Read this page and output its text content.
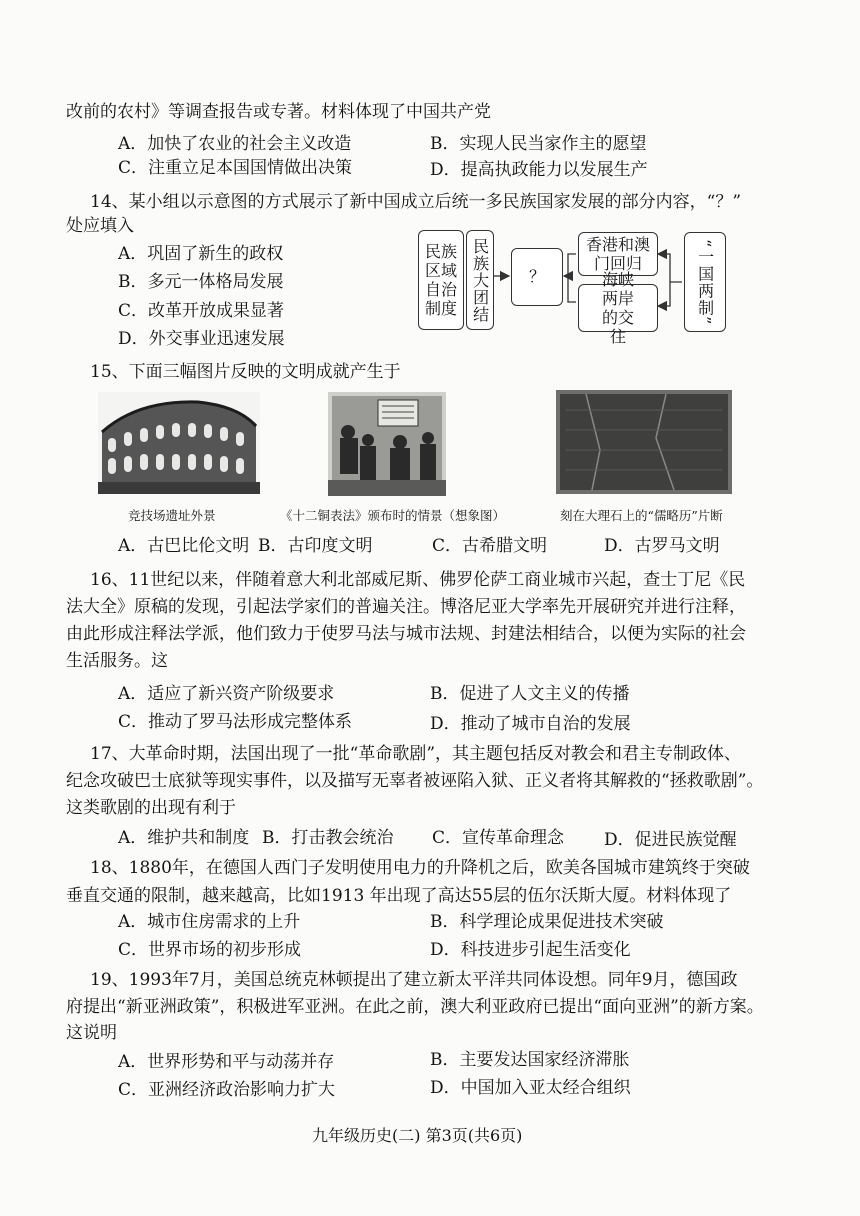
改前的农村》等调查报告或专著。材料体现了中国共产党
A．加快了农业的社会主义改造	B．实现人民当家作主的愿望
C．注重立足本国国情做出决策	D．提高执政能力以发展生产
14、某小组以示意图的方式展示了新中国成立后统一多民族国家发展的部分内容，“？”
处应填入
A．巩固了新生的政权
B．多元一体格局发展
C．改革开放成果显著
D．外交事业迅速发展
民族区域自治制度 民族大团结 ？
香港和澳门回归
海峡两岸的交往
“一国两制”
15、下面三幅图片反映的文明成就产生于
竞技场遗址外景	《十二铜表法》颁布时的情景（想象图）	刻在大理石上的“儒略历”片断
A．古巴比伦文明 B．古印度文明	C．古希腊文明	D．古罗马文明
16、11世纪以来，伴随着意大利北部威尼斯、佛罗伦萨工商业城市兴起，查士丁尼《民
法大全》原稿的发现，引起法学家们的普遍关注。博洛尼亚大学率先开展研究并进行注释，
由此形成注释法学派，他们致力于使罗马法与城市法规、封建法相结合，以便为实际的社会
生活服务。这
A．适应了新兴资产阶级要求	B．促进了人文主义的传播
C．推动了罗马法形成完整体系	D．推动了城市自治的发展
17、大革命时期，法国出现了一批“革命歌剧”，其主题包括反对教会和君主专制政体、
纪念攻破巴士底狱等现实事件，以及描写无辜者被诬陷入狱、正义者将其解救的“拯救歌剧”。
这类歌剧的出现有利于
A．维护共和制度 B．打击教会统治 C．宣传革命理念 D．促进民族觉醒
18、1880年，在德国人西门子发明使用电力的升降机之后，欧美各国城市建筑终于突破
垂直交通的限制，越来越高，比如1913 年出现了高达55层的伍尔沃斯大厦。材料体现了
A．城市住房需求的上升	B．科学理论成果促进技术突破
C．世界市场的初步形成	D．科技进步引起生活变化
19、1993年7月，美国总统克林顿提出了建立新太平洋共同体设想。同年9月，德国政
府提出“新亚洲政策”，积极进军亚洲。在此之前，澳大利亚政府已提出“面向亚洲”的新方案。
这说明
A．世界形势和平与动荡并存	B．主要发达国家经济滞胀
C．亚洲经济政治影响力扩大	D．中国加入亚太经合组织
九年级历史(二) 第3页(共6页)
